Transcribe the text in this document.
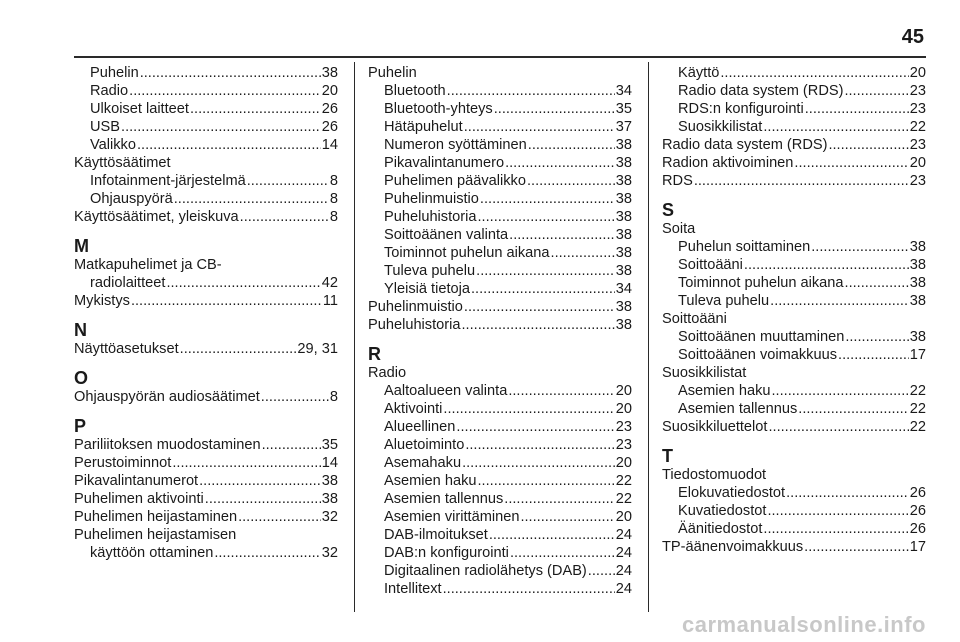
45
Puhelin .....	38
Radio .....	20
Ulkoiset laitteet .....	26
USB .....	26
Valikko .....	14
Käyttösäätimet
Infotainment-järjestelmä .....	8
Ohjauspyörä .....	8
Käyttösäätimet, yleiskuva .....	8
M
Matkapuhelimet ja CB-
radiolaitteet .....	42
Mykistys .....	11
N
Näyttöasetukset .....	29, 31
O
Ohjauspyörän audiosäätimet .....	8
P
Pariliitoksen muodostaminen .....	35
Perustoiminnot .....	14
Pikavalintanumerot .....	38
Puhelimen aktivointi .....	38
Puhelimen heijastaminen .....	32
Puhelimen heijastamisen
käyttöön ottaminen .....	32
Puhelin
Bluetooth .....	34
Bluetooth-yhteys .....	35
Hätäpuhelut .....	37
Numeron syöttäminen .....	38
Pikavalintanumero .....	38
Puhelimen päävalikko .....	38
Puhelinmuistio .....	38
Puheluhistoria .....	38
Soittoäänen valinta .....	38
Toiminnot puhelun aikana .....	38
Tuleva puhelu .....	38
Yleisiä tietoja .....	34
Puhelinmuistio .....	38
Puheluhistoria .....	38
R
Radio
Aaltoalueen valinta .....	20
Aktivointi .....	20
Alueellinen .....	23
Aluetoiminto .....	23
Asemahaku .....	20
Asemien haku .....	22
Asemien tallennus .....	22
Asemien virittäminen .....	20
DAB-ilmoitukset .....	24
DAB:n konfigurointi .....	24
Digitaalinen radiolähetys (DAB) ..... 24
Intellitext .....	24
Käyttö .....	20
Radio data system (RDS) .....	23
RDS:n konfigurointi .....	23
Suosikkilistat .....	22
Radio data system (RDS) .....	23
Radion aktivoiminen .....	20
RDS .....	23
S
Soita
Puhelun soittaminen .....	38
Soittoääni .....	38
Toiminnot puhelun aikana .....	38
Tuleva puhelu .....	38
Soittoääni
Soittoäänen muuttaminen .....	38
Soittoäänen voimakkuus .....	17
Suosikkilistat
Asemien haku .....	22
Asemien tallennus .....	22
Suosikkiluettelot .....	22
T
Tiedostomuodot
Elokuvatiedostot .....	26
Kuvatiedostot .....	26
Äänitiedostot .....	26
TP-äänenvoimakkuus .....	17
carmanualsonline.info
